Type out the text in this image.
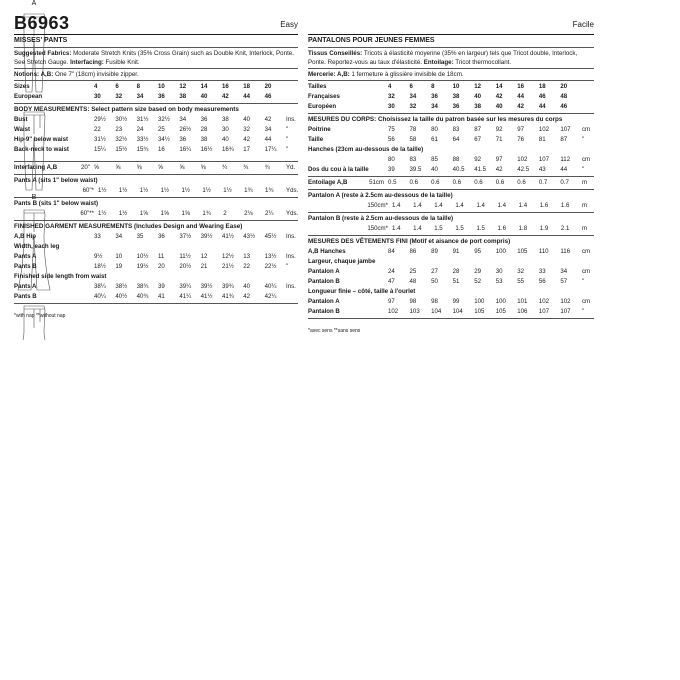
B6963	Easy
MISSES' PANTS
Suggested Fabrics: Moderate Stretch Knits (35% Cross Grain) such as Double Knit, Interlock, Ponte. See Stretch Gauge. Interfacing: Fusible Knit.
Notions: A,B: One 7" (18cm) invisible zipper.
Sizes	4	6	8	10	12	14	16	18	20	
European	30	32	34	36	38	40	42	44	46	
BODY MEASUREMENTS: Select pattern size based on body measurements
Bust	29½	30½	31½	32½	34	36	38	40	42	Ins.
Waist	22	23	24	25	26½	28	30	32	34	"
Hip-9" below waist	31½	32½	33½	34½	36	38	40	42	44	"
Back-neck to waist	15¼	15½	15¾	16	16¼	16½	16¾	17	17¼	"
Interfacing A,B	20"	⅝	⅝	⅝	⅝	⅝	⅝	¾	¾	¾	Yd.
Pants A (sits 1" below waist)
60"*	1½	1½	1½	1½	1½	1½	1½	1¾	1¾	Yds.
Pants B (sits 1" below waist)
60"**	1½	1½	1⅝	1⅝	1⅝	1¾	2	2⅛	2¼	Yds.
FINISHED GARMENT MEASUREMENTS (Includes Design and Wearing Ease)
A,B Hip	33	34	35	36	37½	39½	41½	43½	45½	Ins.
Width, each leg
Pants A	9½	10	10½	11	11½	12	12½	13	13½	Ins.
Pants B	18½	19	19½	20	20½	21	21½	22	22½	"
Finished side length from waist
Pants A	38¼	38½	38¾	39	39¼	39½	39¾	40	40¼	Ins.
Pants B	40¼	40½	40¾	41	41¼	41½	41¾	42	42¼	
*with nap **without nap
Facile
PANTALONS POUR JEUNES FEMMES
Tissus Conseillés: Tricots à élasticité moyenne (35% en largeur) tels que Tricot double, Interlock, Ponte. Reportez-vous au taux d'élasticité. Entoilage: Tricot thermocollant.
Mercerie: A,B: 1 fermeture à glissière invisible de 18cm.
Tailles	4	6	8	10	12	14	16	18	20	
Françaises	32	34	36	38	40	42	44	46	48	
Européen	30	32	34	36	38	40	42	44	46	
MESURES DU CORPS: Choisissez la taille du patron basée sur les mesures du corps
Poitrine	75	78	80	83	87	92	97	102	107	cm
Taille	56	58	61	64	67	71	76	81	87	"
Hanches (23cm au-dessous de la taille)
	80	83	85	88	92	97	102	107	112	cm
Dos du cou à la taille	39	39.5	40	40.5	41.5	42	42.5	43	44	"
Entoilage A,B	51cm	0.5	0.6	0.6	0.6	0.6	0.6	0.6	0.7	0.7	m
Pantalon A (reste à 2.5cm au-dessous de la taille)
150cm*	1.4	1.4	1.4	1.4	1.4	1.4	1.4	1.6	1.6	m
Pantalon B (reste à 2.5cm au-dessous de la taille)
150cm*	1.4	1.4	1.5	1.5	1.5	1.6	1.8	1.9	2.1	m
MESURES DES VÊTEMENTS FINI (Motif et aisance de port compris)
A,B Hanches	84	86	89	91	95	100	105	110	116	cm
Largeur, chaque jambe
Pantalon A	24	25	27	28	29	30	32	33	34	cm
Pantalon B	47	48	50	51	52	53	55	56	57	"
Longueur finie – côté, taille à l'ourlet
Pantalon A	97	98	98	99	100	100	101	102	102	cm
Pantalon B	102	103	104	104	105	105	106	107	107	"
*avec sens **sans sens
A
B
